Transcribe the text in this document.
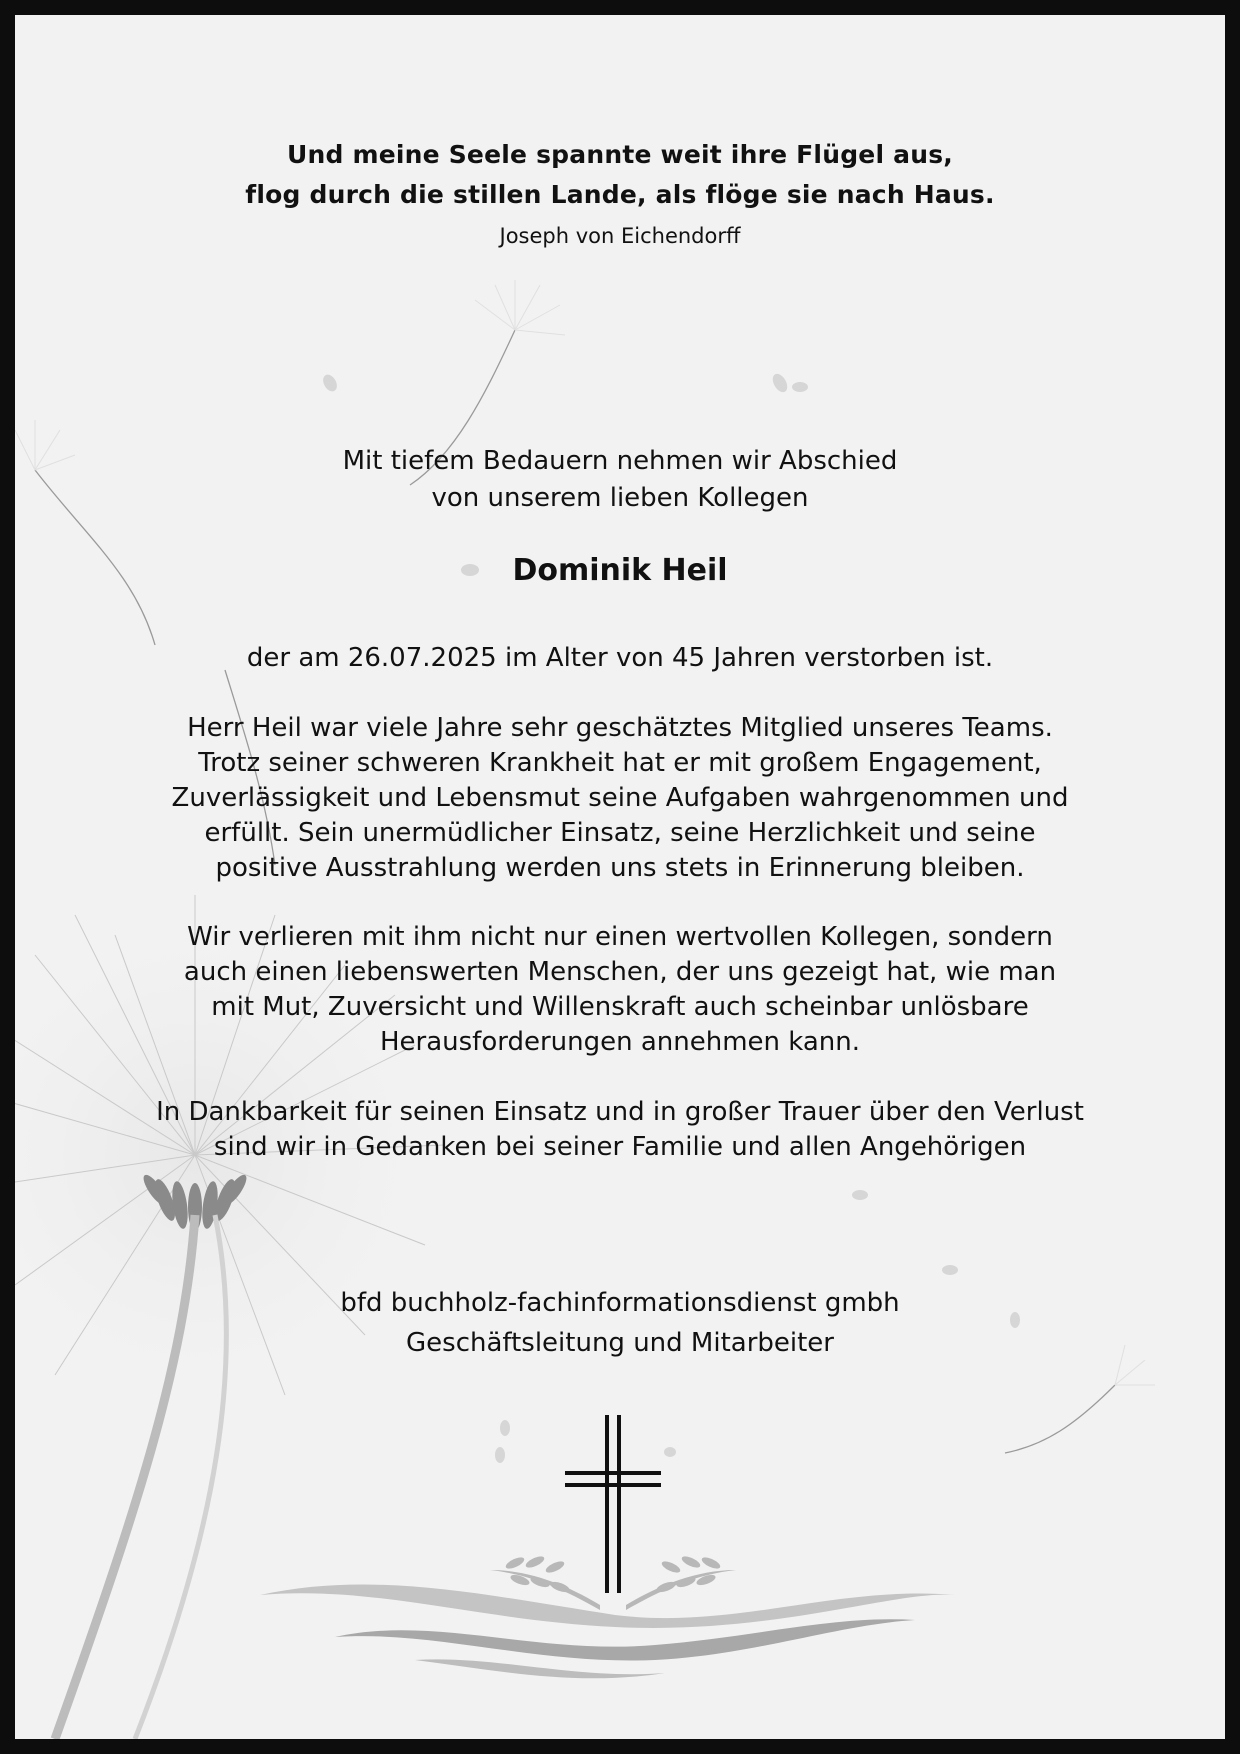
Und meine Seele spannte weit ihre Flügel aus,
flog durch die stillen Lande, als flöge sie nach Haus.
Joseph von Eichendorff
Mit tiefem Bedauern nehmen wir Abschied
von unserem lieben Kollegen
Dominik Heil
der am 26.07.2025 im Alter von 45 Jahren verstorben ist.
Herr Heil war viele Jahre sehr geschätztes Mitglied unseres Teams.
Trotz seiner schweren Krankheit hat er mit großem Engagement,
Zuverlässigkeit und Lebensmut seine Aufgaben wahrgenommen und
erfüllt. Sein unermüdlicher Einsatz, seine Herzlichkeit und seine
positive Ausstrahlung werden uns stets in Erinnerung bleiben.
Wir verlieren mit ihm nicht nur einen wertvollen Kollegen, sondern
auch einen liebenswerten Menschen, der uns gezeigt hat, wie man
mit Mut, Zuversicht und Willenskraft auch scheinbar unlösbare
Herausforderungen annehmen kann.
In Dankbarkeit für seinen Einsatz und in großer Trauer über den Verlust
sind wir in Gedanken bei seiner Familie und allen Angehörigen
bfd buchholz-fachinformationsdienst gmbh
Geschäftsleitung und Mitarbeiter
